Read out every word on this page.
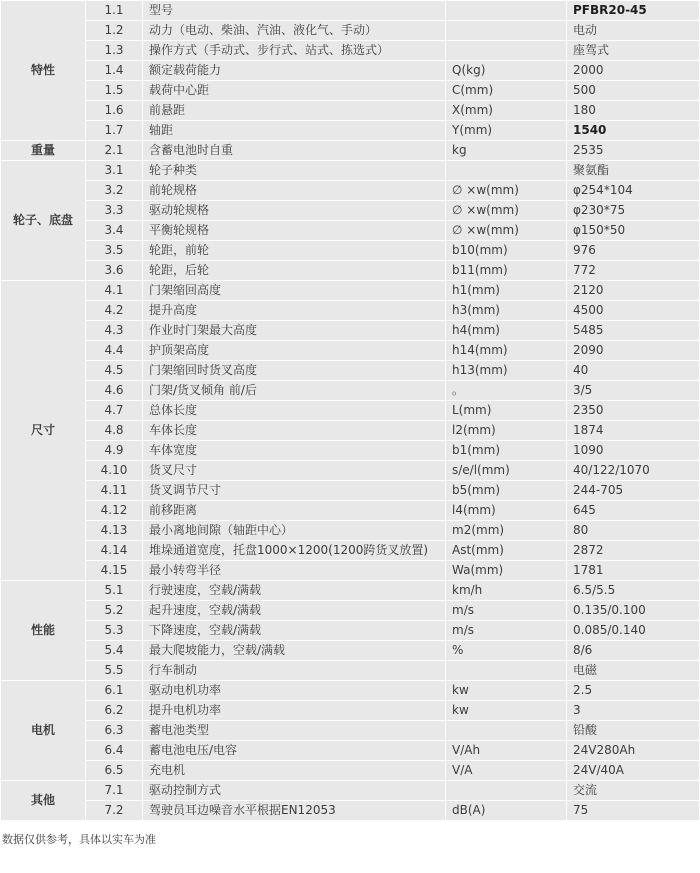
特性	1.1	型号		PFBR20-45
	1.2	动力（电动、柴油、汽油、液化气、手动）		电动
	1.3	操作方式（手动式、步行式、站式、拣选式）		座驾式
	1.4	额定载荷能力	Q(kg)	2000
	1.5	载荷中心距	C(mm)	500
	1.6	前悬距	X(mm)	180
	1.7	轴距	Y(mm)	1540
重量	2.1	含蓄电池时自重	kg	2535
轮子、底盘	3.1	轮子种类		聚氨酯
	3.2	前轮规格	∅ ×w(mm)	φ254*104
	3.3	驱动轮规格	∅ ×w(mm)	φ230*75
	3.4	平衡轮规格	∅ ×w(mm)	φ150*50
	3.5	轮距，前轮	b10(mm)	976
	3.6	轮距，后轮	b11(mm)	772
尺寸	4.1	门架缩回高度	h1(mm)	2120
	4.2	提升高度	h3(mm)	4500
	4.3	作业时门架最大高度	h4(mm)	5485
	4.4	护顶架高度	h14(mm)	2090
	4.5	门架缩回时货叉高度	h13(mm)	40
	4.6	门架/货叉倾角 前/后	。	3/5
	4.7	总体长度	L(mm)	2350
	4.8	车体长度	l2(mm)	1874
	4.9	车体宽度	b1(mm)	1090
	4.10	货叉尺寸	s/e/l(mm)	40/122/1070
	4.11	货叉调节尺寸	b5(mm)	244-705
	4.12	前移距离	l4(mm)	645
	4.13	最小离地间隙（轴距中心）	m2(mm)	80
	4.14	堆垛通道宽度，托盘1000×1200(1200跨货叉放置)	Ast(mm)	2872
	4.15	最小转弯半径	Wa(mm)	1781
性能	5.1	行驶速度，空载/满载	km/h	6.5/5.5
	5.2	起升速度，空载/满载	m/s	0.135/0.100
	5.3	下降速度，空载/满载	m/s	0.085/0.140
	5.4	最大爬坡能力，空载/满载	%	8/6
	5.5	行车制动		电磁
电机	6.1	驱动电机功率	kw	2.5
	6.2	提升电机功率	kw	3
	6.3	蓄电池类型		铅酸
	6.4	蓄电池电压/电容	V/Ah	24V280Ah
	6.5	充电机	V/A	24V/40A
其他	7.1	驱动控制方式		交流
	7.2	驾驶员耳边噪音水平根据EN12053	dB(A)	75
数据仅供参考，具体以实车为准
